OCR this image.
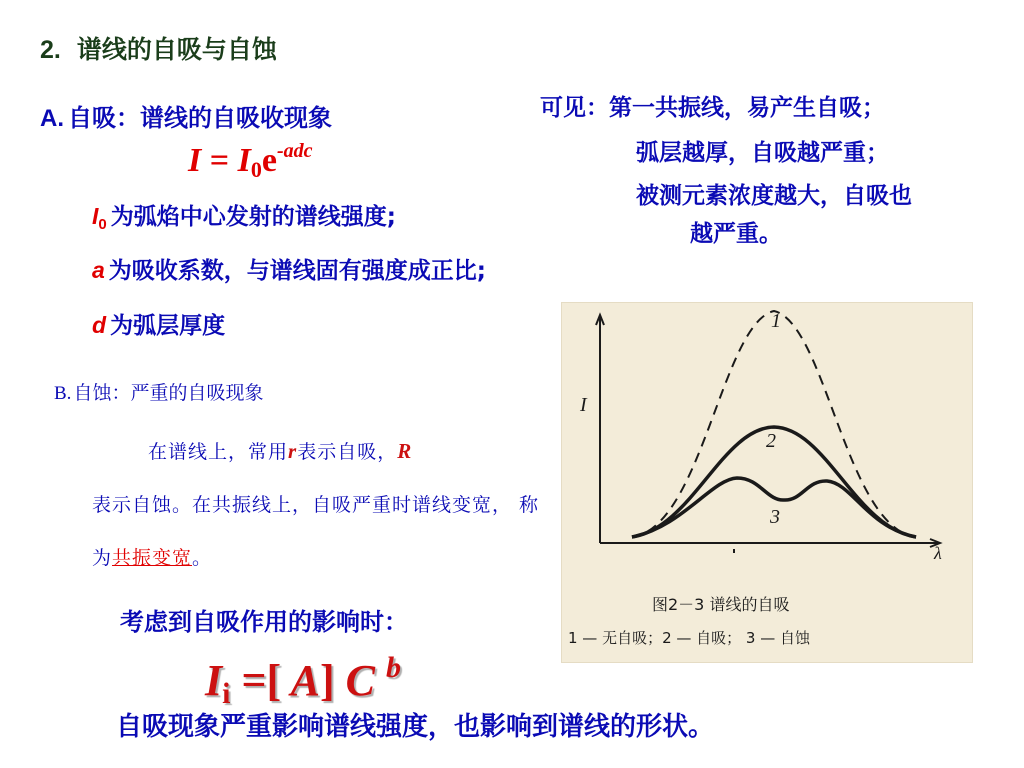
2. 谱线的自吸与自蚀
A. 自吸：谱线的自吸收现象
$I = I_0e^{-adc}$
$I_0$ 为弧焰中心发射的谱线强度;
a 为吸收系数，与谱线固有强度成正比;
d 为弧层厚度
可见：第一共振线，易产生自吸；
弧层越厚，自吸越严重；
被测元素浓度越大，自吸也
越严重。
B. 自蚀：严重的自吸现象
在谱线上，常用r表示自吸，R
表示自蚀。在共振线上，自吸严重时谱线变宽， 称为共振变宽。
考虑到自吸作用的影响时：
$I_i$ =[ A] C $^b$
自吸现象严重影响谱线强度，也影响到谱线的形状。
I
λ
1
2
3
图2－3 谱线的自吸
1 — 无自吸；2 — 自吸； 3 — 自蚀
